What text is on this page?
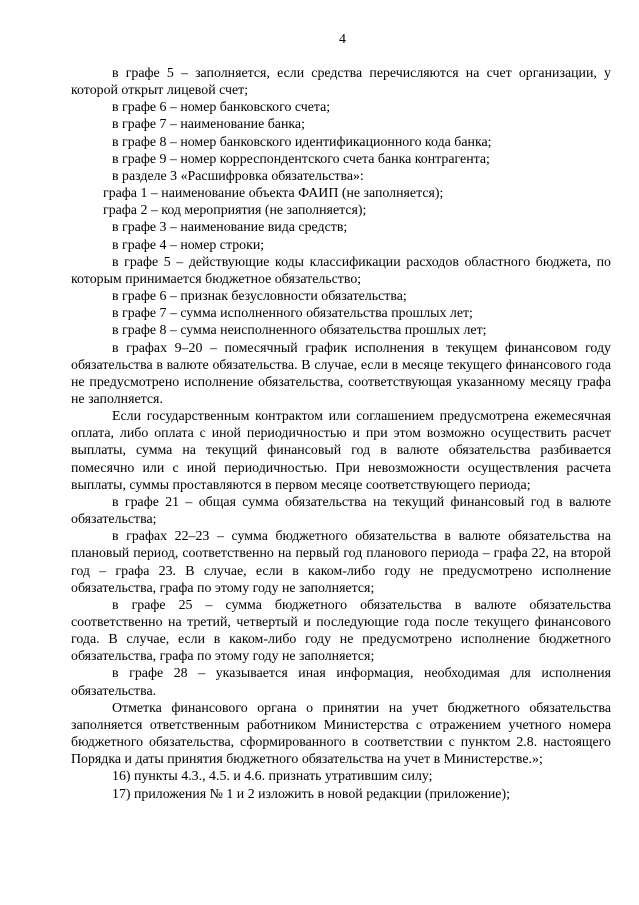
4

в графе 5 – заполняется, если средства перечисляются на счет организации, у которой открыт лицевой счет;

в графе 6 – номер банковского счета;

в графе 7 – наименование банка;

в графе 8 – номер банковского идентификационного кода банка;

в графе 9 – номер корреспондентского счета банка контрагента;

в разделе 3 «Расшифровка обязательства»:

графа 1 – наименование объекта ФАИП (не заполняется);

графа 2 – код мероприятия (не заполняется);

в графе 3 – наименование вида средств;

в графе 4 – номер строки;

в графе 5 – действующие коды классификации расходов областного бюджета, по которым принимается бюджетное обязательство;

в графе 6 – признак безусловности обязательства;

в графе 7 – сумма исполненного обязательства прошлых лет;

в графе 8 – сумма неисполненного обязательства прошлых лет;

в графах 9–20 – помесячный график исполнения в текущем финансовом году обязательства в валюте обязательства. В случае, если в месяце текущего финансового года не предусмотрено исполнение обязательства, соответствующая указанному месяцу графа не заполняется.

Если государственным контрактом или соглашением предусмотрена ежемесячная оплата, либо оплата с иной периодичностью и при этом возможно осуществить расчет выплаты, сумма на текущий финансовый год в валюте обязательства разбивается помесячно или с иной периодичностью. При невозможности осуществления расчета выплаты, суммы проставляются в первом месяце соответствующего периода;

в графе 21 – общая сумма обязательства на текущий финансовый год в валюте обязательства;

в графах 22–23 – сумма бюджетного обязательства в валюте обязательства на плановый период, соответственно на первый год планового периода – графа 22, на второй год – графа 23. В случае, если в каком-либо году не предусмотрено исполнение обязательства, графа по этому году не заполняется;

в графе 25 – сумма бюджетного обязательства в валюте обязательства соответственно на третий, четвертый и последующие года после текущего финансового года. В случае, если в каком-либо году не предусмотрено исполнение бюджетного обязательства, графа по этому году не заполняется;

в графе 28 – указывается иная информация, необходимая для исполнения обязательства.

Отметка финансового органа о принятии на учет бюджетного обязательства заполняется ответственным работником Министерства с отражением учетного номера бюджетного обязательства, сформированного в соответствии с пунктом 2.8. настоящего Порядка и даты принятия бюджетного обязательства на учет в Министерстве.»;

16) пункты 4.3., 4.5. и 4.6. признать утратившим силу;

17) приложения № 1 и 2 изложить в новой редакции (приложение);
